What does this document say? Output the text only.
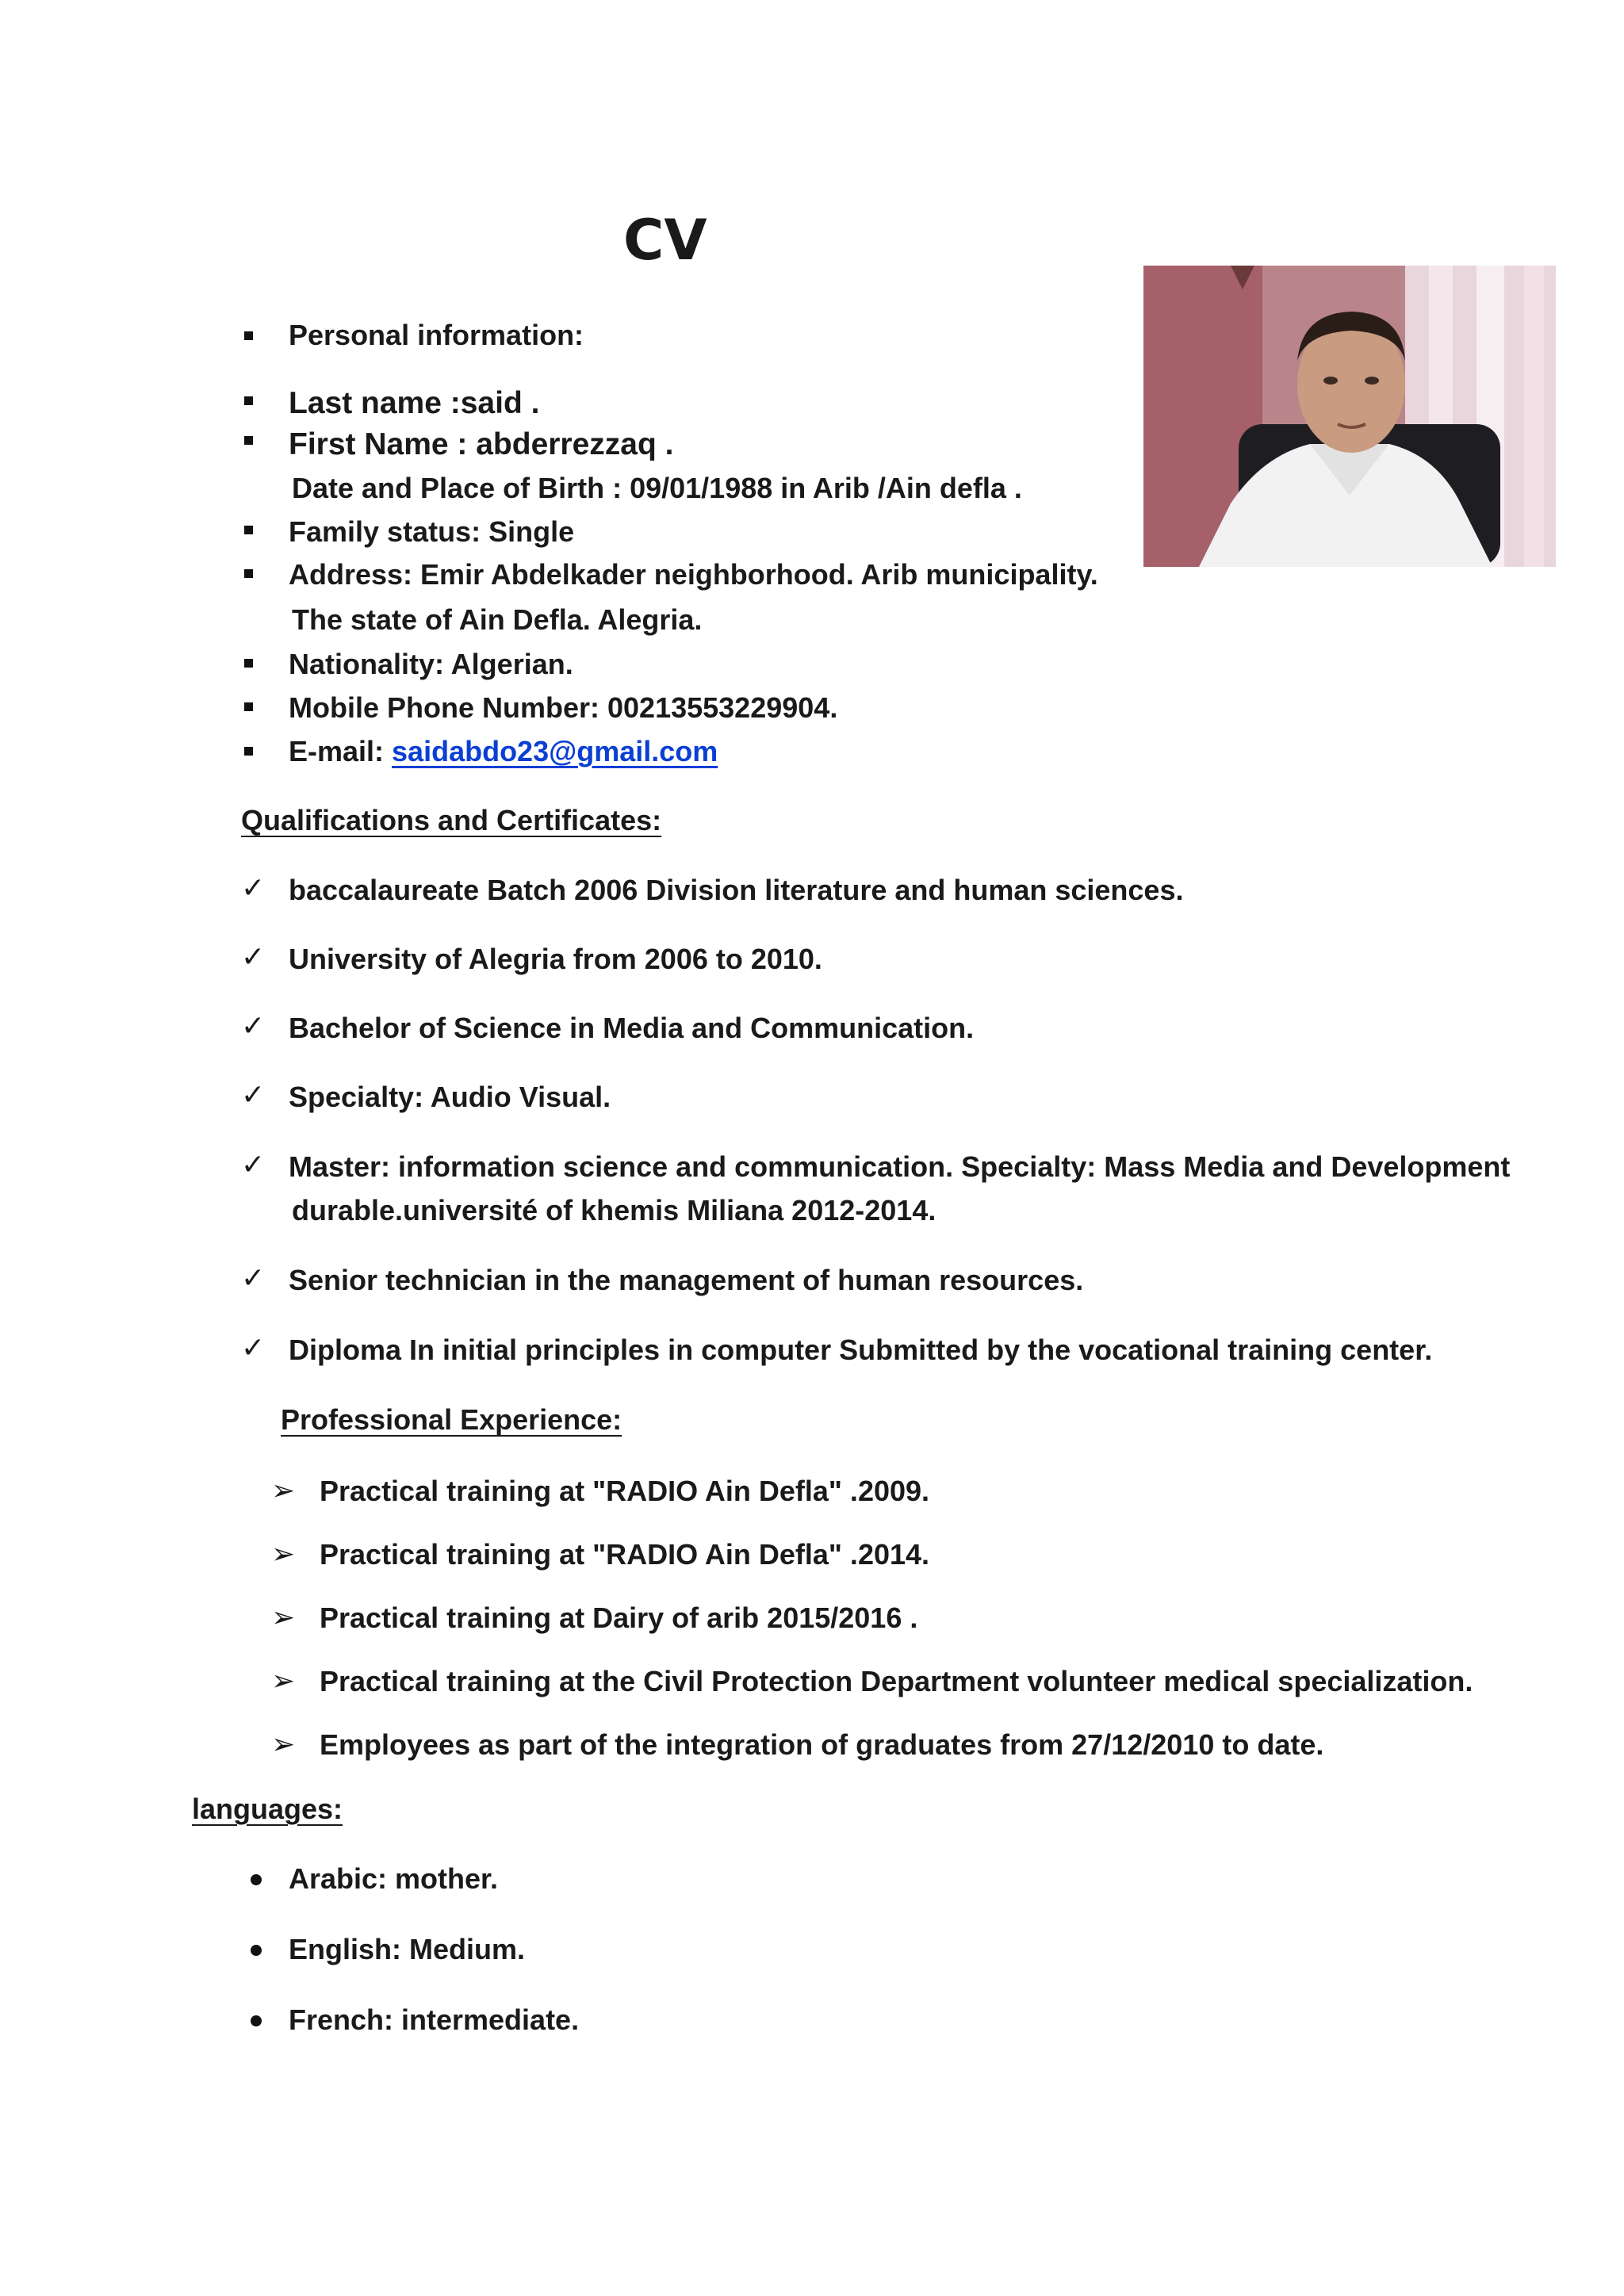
CV
Personal information:
Last name :said .
First Name : abderrezzaq .
Date and Place of Birth : 09/01/1988 in Arib /Ain defla .
Family status: Single
Address: Emir Abdelkader neighborhood. Arib municipality.
The state of Ain Defla. Alegria.
Nationality: Algerian.
Mobile Phone Number: 00213553229904.
E-mail: saidabdo23@gmail.com
Qualifications and Certificates:
✓ baccalaureate Batch 2006 Division literature and human sciences.
✓ University of Alegria from 2006 to 2010.
✓ Bachelor of Science in Media and Communication.
✓ Specialty: Audio Visual.
✓ Master: information science and communication. Specialty: Mass Media and Development
durable.université of khemis Miliana 2012-2014.
✓ Senior technician in the management of human resources.
✓ Diploma In initial principles in computer Submitted by the vocational training center.
Professional Experience:
➢ Practical training at "RADIO Ain Defla" .2009.
➢ Practical training at "RADIO Ain Defla" .2014.
➢ Practical training at Dairy of arib 2015/2016 .
➢ Practical training at the Civil Protection Department volunteer medical specialization.
➢ Employees as part of the integration of graduates from 27/12/2010 to date.
languages:
Arabic: mother.
English: Medium.
French: intermediate.
